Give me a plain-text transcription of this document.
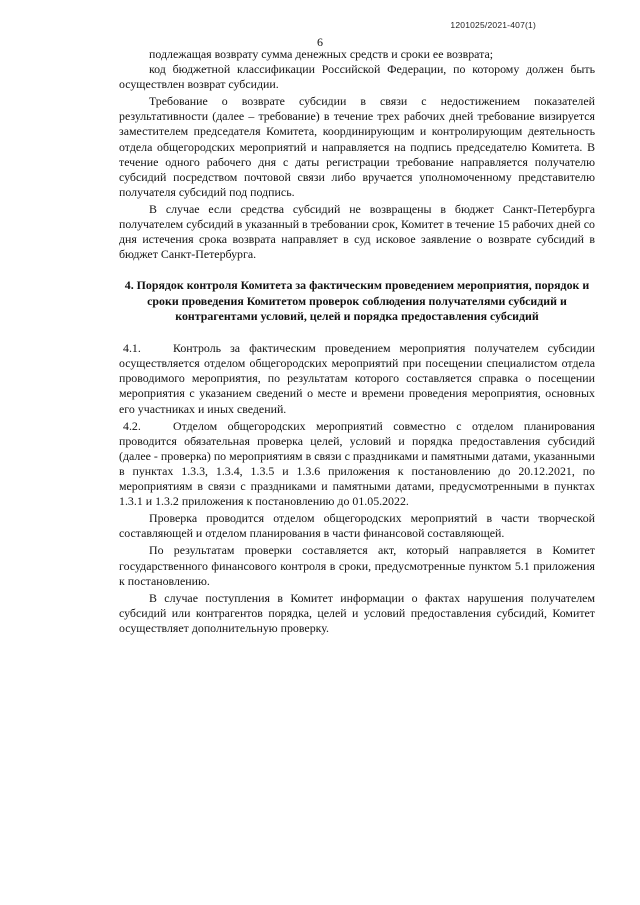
1201025/2021-407(1)
6

подлежащая возврату сумма денежных средств и сроки ее возврата;

код бюджетной классификации Российской Федерации, по которому должен быть осуществлен возврат субсидии.

Требование о возврате субсидии в связи с недостижением показателей результативности (далее – требование) в течение трех рабочих дней требование визируется заместителем председателя Комитета, координирующим и контролирующим деятельность отдела общегородских мероприятий и направляется на подпись председателю Комитета. В течение одного рабочего дня с даты регистрации требование направляется получателю субсидий посредством почтовой связи либо вручается уполномоченному представителю получателя субсидий под подпись.

В случае если средства субсидий не возвращены в бюджет Санкт-Петербурга получателем субсидий в указанный в требовании срок, Комитет в течение 15 рабочих дней со дня истечения срока возврата направляет в суд исковое заявление о возврате субсидий в бюджет Санкт-Петербурга.

4. Порядок контроля Комитета за фактическим проведением мероприятия, порядок и сроки проведения Комитетом проверок соблюдения получателями субсидий и контрагентами условий, целей и порядка предоставления субсидий

4.1.	Контроль за фактическим проведением мероприятия получателем субсидии осуществляется отделом общегородских мероприятий при посещении специалистом отдела проводимого мероприятия, по результатам которого составляется справка о посещении мероприятия с указанием сведений о месте и времени проведения мероприятия, основных его участниках и иных сведений.

4.2.	Отделом общегородских мероприятий совместно с отделом планирования проводится обязательная проверка целей, условий и порядка предоставления субсидий (далее - проверка) по мероприятиям в связи с праздниками и памятными датами, указанными в пунктах 1.3.3, 1.3.4, 1.3.5 и 1.3.6 приложения к постановлению до 20.12.2021, по мероприятиям в связи с праздниками и памятными датами, предусмотренными в пунктах 1.3.1 и 1.3.2 приложения к постановлению до 01.05.2022.

Проверка проводится отделом общегородских мероприятий в части творческой составляющей и отделом планирования в части финансовой составляющей.

По результатам проверки составляется акт, который направляется в Комитет государственного финансового контроля в сроки, предусмотренные пунктом 5.1 приложения к постановлению.

В случае поступления в Комитет информации о фактах нарушения получателем субсидий или контрагентов порядка, целей и условий предоставления субсидий, Комитет осуществляет дополнительную проверку.
